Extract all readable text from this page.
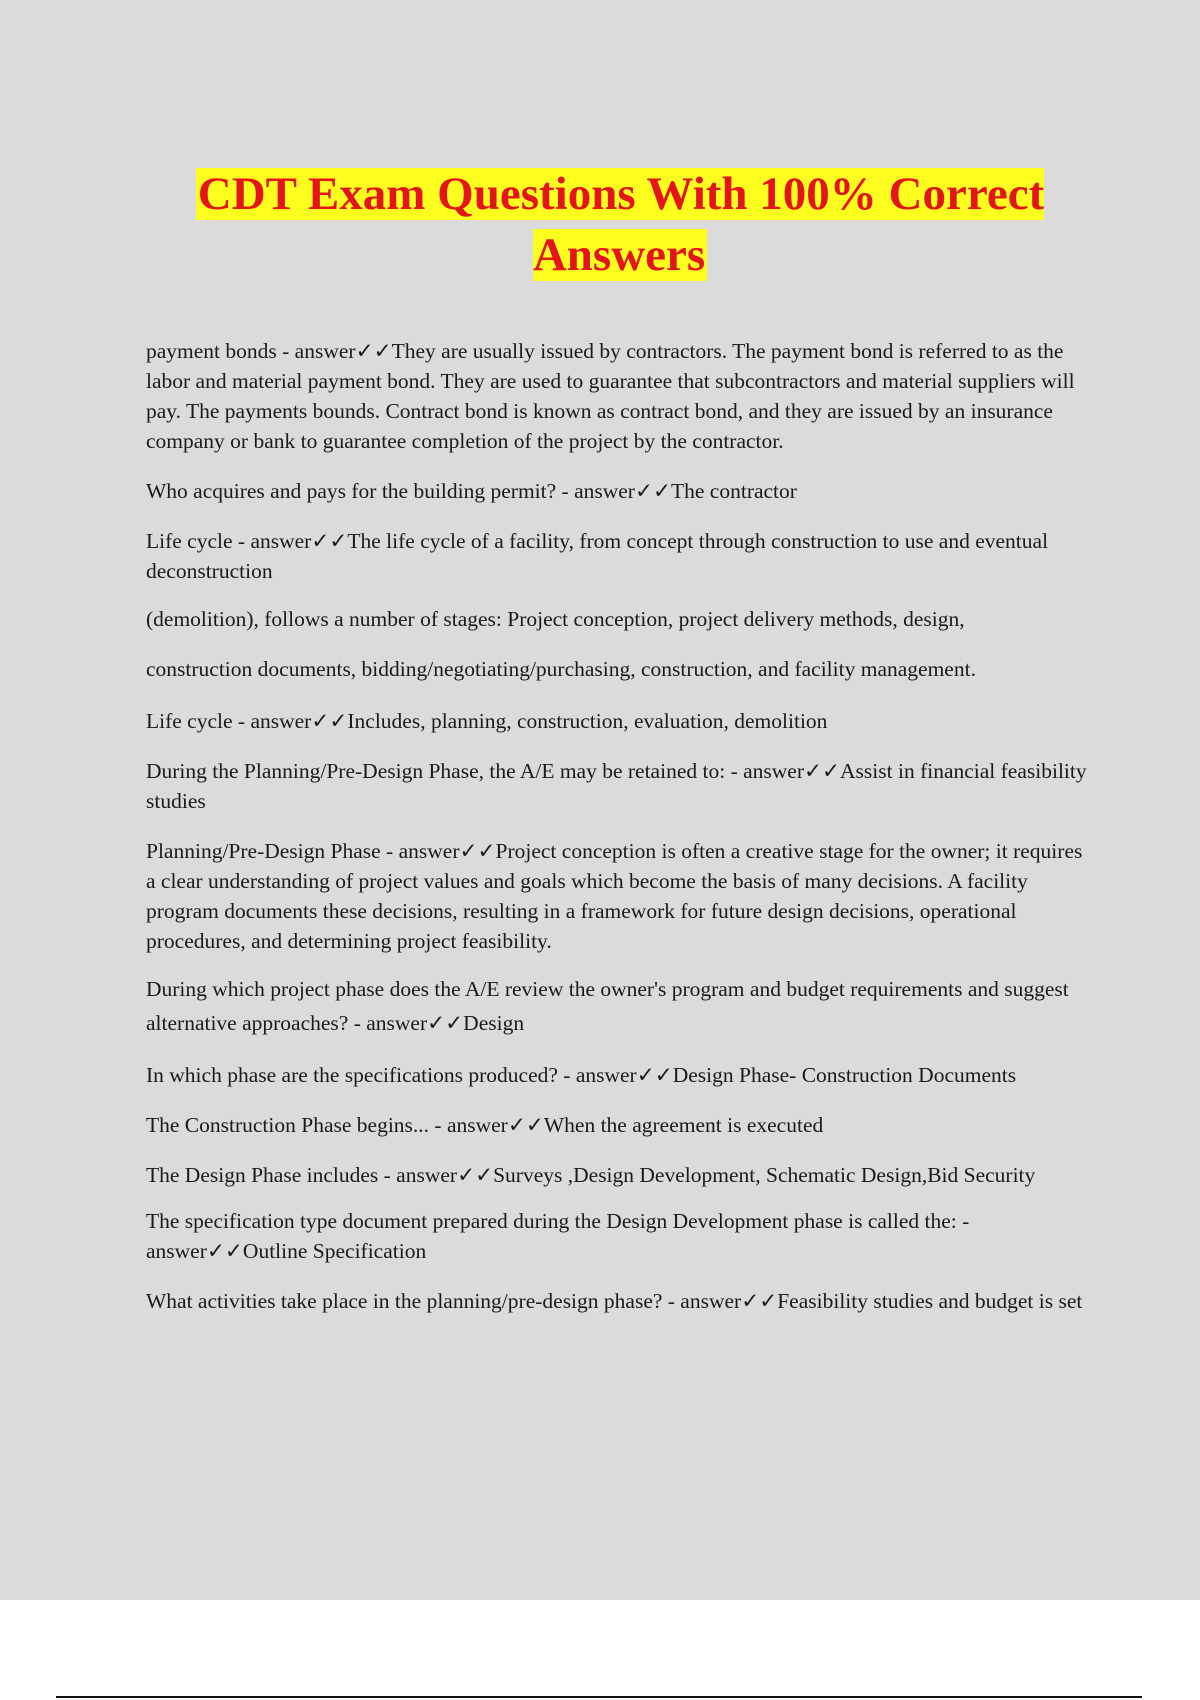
CDT Exam Questions With 100% Correct Answers

payment bonds - answer✓✓They are usually issued by contractors. The payment bond is referred to as the labor and material payment bond. They are used to guarantee that subcontractors and material suppliers will pay. The payments bounds. Contract bond is known as contract bond, and they are issued by an insurance company or bank to guarantee completion of the project by the contractor.

Who acquires and pays for the building permit? - answer✓✓The contractor

Life cycle - answer✓✓The life cycle of a facility, from concept through construction to use and eventual deconstruction

(demolition), follows a number of stages: Project conception, project delivery methods, design,

construction documents, bidding/negotiating/purchasing, construction, and facility management.

Life cycle - answer✓✓Includes, planning, construction, evaluation, demolition

During the Planning/Pre-Design Phase, the A/E may be retained to: - answer✓✓Assist in financial feasibility studies

Planning/Pre-Design Phase - answer✓✓Project conception is often a creative stage for the owner; it requires a clear understanding of project values and goals which become the basis of many decisions. A facility program documents these decisions, resulting in a framework for future design decisions, operational procedures, and determining project feasibility.

During which project phase does the A/E review the owner's program and budget requirements and suggest alternative approaches? - answer✓✓Design

In which phase are the specifications produced? - answer✓✓Design Phase- Construction Documents

The Construction Phase begins... - answer✓✓When the agreement is executed

The Design Phase includes - answer✓✓Surveys ,Design Development, Schematic Design,Bid Security

The specification type document prepared during the Design Development phase is called the: - answer✓✓Outline Specification

What activities take place in the planning/pre-design phase? - answer✓✓Feasibility studies and budget is set
